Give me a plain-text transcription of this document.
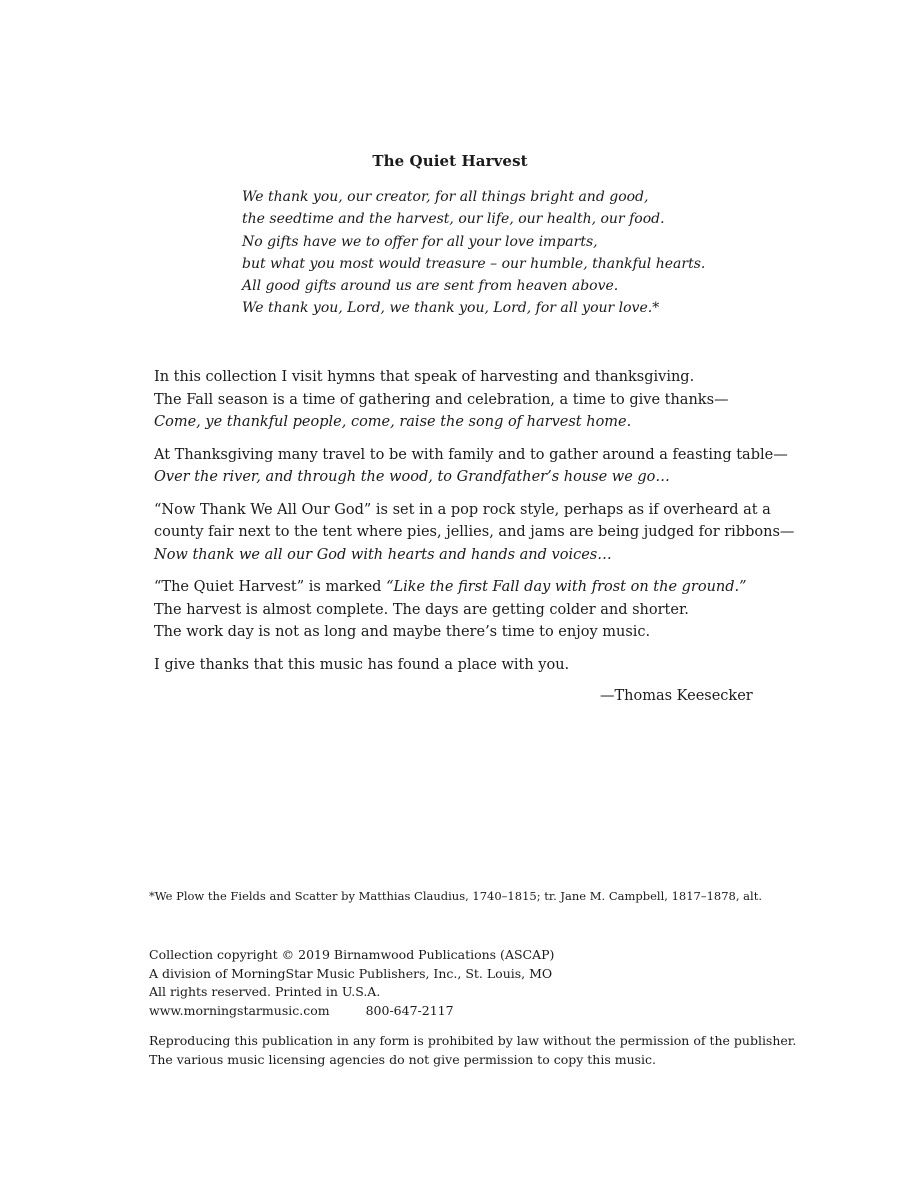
The Quiet Harvest
We thank you, our creator, for all things bright and good,
the seedtime and the harvest, our life, our health, our food.
No gifts have we to offer for all your love imparts,
but what you most would treasure – our humble, thankful hearts.
All good gifts around us are sent from heaven above.
We thank you, Lord, we thank you, Lord, for all your love.*
In this collection I visit hymns that speak of harvesting and thanksgiving.
The Fall season is a time of gathering and celebration, a time to give thanks—
Come, ye thankful people, come, raise the song of harvest home.
At Thanksgiving many travel to be with family and to gather around a feasting table—
Over the river, and through the wood, to Grandfather’s house we go…
“Now Thank We All Our God” is set in a pop rock style, perhaps as if overheard at a
county fair next to the tent where pies, jellies, and jams are being judged for ribbons—
Now thank we all our God with hearts and hands and voices…
“The Quiet Harvest” is marked “Like the first Fall day with frost on the ground.”
The harvest is almost complete. The days are getting colder and shorter.
The work day is not as long and maybe there’s time to enjoy music.
I give thanks that this music has found a place with you.
—Thomas Keesecker
*We Plow the Fields and Scatter by Matthias Claudius, 1740–1815; tr. Jane M. Campbell, 1817–1878, alt.
Collection copyright © 2019 Birnamwood Publications (ASCAP)
A division of MorningStar Music Publishers, Inc., St. Louis, MO
All rights reserved. Printed in U.S.A.
www.morningstarmusic.com	800-647-2117
Reproducing this publication in any form is prohibited by law without the permission of the publisher.
The various music licensing agencies do not give permission to copy this music.
